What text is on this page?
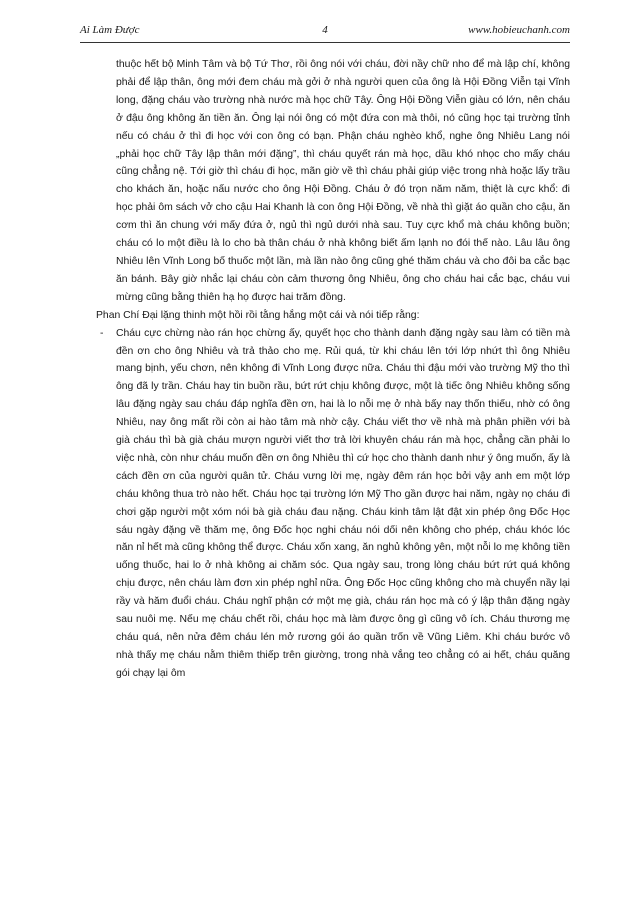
Ai Làm Được	4	www.hobieuchanh.com

thuộc hết bộ Minh Tâm và bộ Tứ Thơ, rồi ông nói với cháu, đời nầy chữ nho để mà lập chí, không phải để lập thân, ông mới đem cháu mà gởi ở nhà người quen của ông là Hội Đồng Viễn tại Vĩnh long, đặng cháu vào trường nhà nước mà học chữ Tây. Ông Hội Đồng Viễn giàu có lớn, nên cháu ở đậu ông không ăn tiền ăn. Ông lại nói ông có một đứa con mà thôi, nó cũng học tại trường tỉnh nếu có cháu ở thì đi học với con ông có bạn. Phận cháu nghèo khổ, nghe ông Nhiêu Lang nói „phải học chữ Tây lập thân mới đặng”, thì cháu quyết rán mà học, dầu khó nhọc cho mấy cháu cũng chẳng nệ. Tới giờ thì cháu đi học, mãn giờ về thì cháu phải giúp việc trong nhà hoặc lấy trầu cho khách ăn, hoặc nấu nước cho ông Hội Đồng. Cháu ở đó trọn năm năm, thiệt là cực khổ: đi học phải ôm sách vở cho cậu Hai Khanh là con ông Hội Đồng, về nhà thì giặt áo quần cho cậu, ăn cơm thì ăn chung với mấy đứa ở, ngủ thì ngủ dưới nhà sau. Tuy cực khổ mà cháu không buồn; cháu có lo một điều là lo cho bà thân cháu ở nhà không biết ấm lạnh no đói thế nào. Lâu lâu ông Nhiêu lên Vĩnh Long bố thuốc một lần, mà lần nào ông cũng ghé thăm cháu và cho đôi ba cắc bạc ăn bánh. Bây giờ nhắc lại cháu còn cảm thương ông Nhiêu, ông cho cháu hai cắc bạc, cháu vui mừng cũng bằng thiên hạ họ được hai trăm đồng.

Phan Chí Đại lặng thinh một hồi rồi tằng hắng một cái và nói tiếp rằng:

- Cháu cực chừng nào rán học chừng ấy, quyết học cho thành danh đặng ngày sau làm có tiền mà đền ơn cho ông Nhiêu và trả thảo cho mẹ. Rủi quá, từ khi cháu lên tới lớp nhứt thì ông Nhiêu mang bịnh, yếu chơn, nên không đi Vĩnh Long được nữa. Cháu thi đậu mới vào trường Mỹ tho thì ông đã ly trần. Cháu hay tin buồn rầu, bứt rứt chịu không được, một là tiếc ông Nhiêu không sống lâu đặng ngày sau cháu đáp nghĩa đền ơn, hai là lo nỗi mẹ ở nhà bấy nay thốn thiếu, nhờ có ông Nhiêu, nay ông mất rồi còn ai hào tâm mà nhờ cậy. Cháu viết thơ về nhà mà phân phiền với bà già cháu thì bà già cháu mượn người viết thơ trả lời khuyên cháu rán mà học, chẳng cần phải lo việc nhà, còn như cháu muốn đền ơn ông Nhiêu thì cứ học cho thành danh như ý ông muốn, ấy là cách đền ơn của người quân tử. Cháu vưng lời mẹ, ngày đêm rán học bởi vậy anh em một lớp cháu không thua trò nào hết. Cháu học tại trường lớn Mỹ Tho gần được hai năm, ngày nọ cháu đi chơi gặp người một xóm nói bà già cháu đau nặng. Cháu kinh tâm lật đật xin phép ông Đốc Học sáu ngày đặng về thăm mẹ, ông Đốc học nghi cháu nói dối nên không cho phép, cháu khóc lóc năn nỉ hết mà cũng không thể được. Cháu xốn xang, ăn nghủ không yên, một nỗi lo mẹ không tiền uống thuốc, hai lo ở nhà không ai chăm sóc. Qua ngày sau, trong lòng cháu bứt rứt quá không chịu được, nên cháu làm đơn xin phép nghỉ nữa. Ông Đốc Học cũng không cho mà chuyển nầy lại rầy và hăm đuổi cháu. Cháu nghĩ phận cớ một mẹ già, cháu rán học mà có ý lập thân đặng ngày sau nuôi mẹ. Nếu mẹ cháu chết rồi, cháu học mà làm được ông gì cũng vô ích. Cháu thương mẹ cháu quá, nên nửa đêm cháu lén mở rương gói áo quần trốn về Vũng Liêm. Khi cháu bước vô nhà thấy mẹ cháu nằm thiêm thiếp trên giường, trong nhà vắng teo chẳng có ai hết, cháu quăng gói chạy lại ôm
